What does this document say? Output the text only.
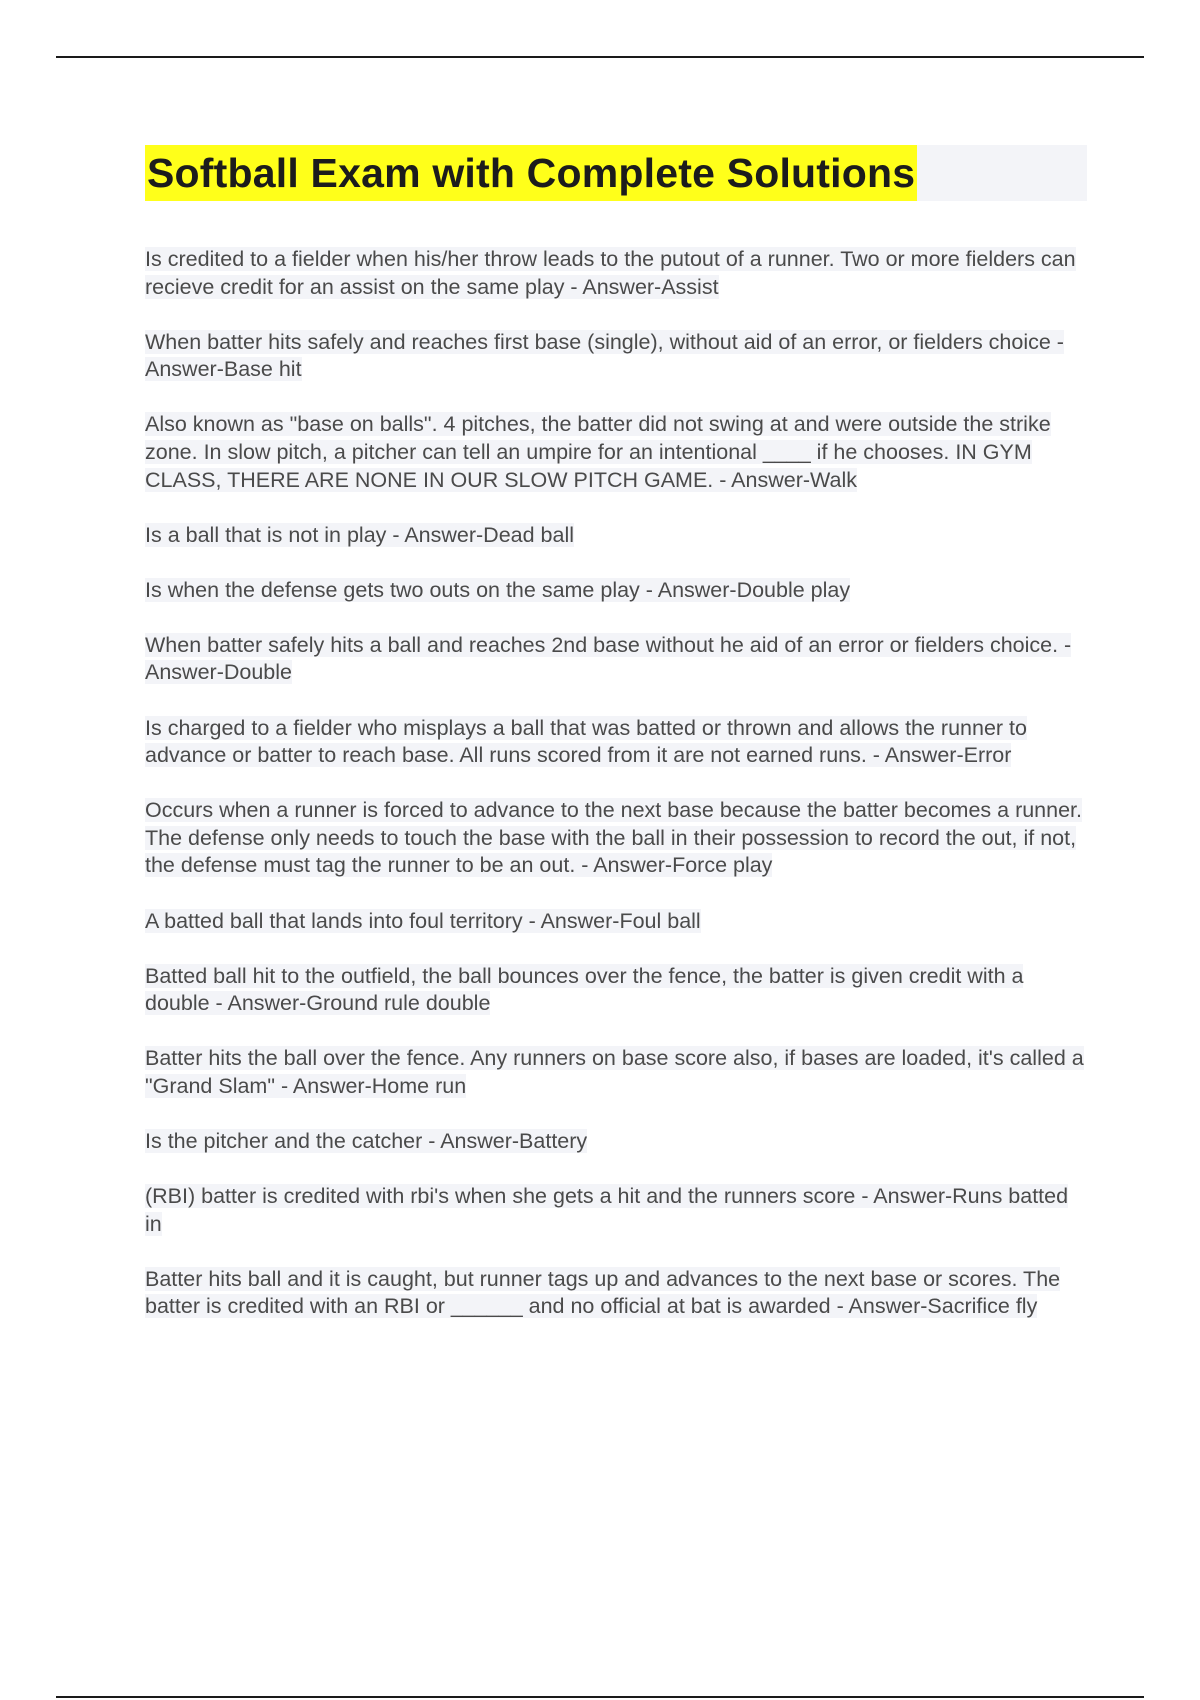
Softball Exam with Complete Solutions

Is credited to a fielder when his/her throw leads to the putout of a runner. Two or more fielders can recieve credit for an assist on the same play - Answer-Assist

When batter hits safely and reaches first base (single), without aid of an error, or fielders choice - Answer-Base hit

Also known as "base on balls". 4 pitches, the batter did not swing at and were outside the strike zone. In slow pitch, a pitcher can tell an umpire for an intentional ____ if he chooses. IN GYM CLASS, THERE ARE NONE IN OUR SLOW PITCH GAME. - Answer-Walk

Is a ball that is not in play - Answer-Dead ball

Is when the defense gets two outs on the same play - Answer-Double play

When batter safely hits a ball and reaches 2nd base without he aid of an error or fielders choice. - Answer-Double

Is charged to a fielder who misplays a ball that was batted or thrown and allows the runner to advance or batter to reach base. All runs scored from it are not earned runs. - Answer-Error

Occurs when a runner is forced to advance to the next base because the batter becomes a runner. The defense only needs to touch the base with the ball in their possession to record the out, if not, the defense must tag the runner to be an out. - Answer-Force play

A batted ball that lands into foul territory - Answer-Foul ball

Batted ball hit to the outfield, the ball bounces over the fence, the batter is given credit with a double - Answer-Ground rule double

Batter hits the ball over the fence. Any runners on base score also, if bases are loaded, it's called a "Grand Slam" - Answer-Home run

Is the pitcher and the catcher - Answer-Battery

(RBI) batter is credited with rbi's when she gets a hit and the runners score - Answer-Runs batted in

Batter hits ball and it is caught, but runner tags up and advances to the next base or scores. The batter is credited with an RBI or ______ and no official at bat is awarded - Answer-Sacrifice fly
